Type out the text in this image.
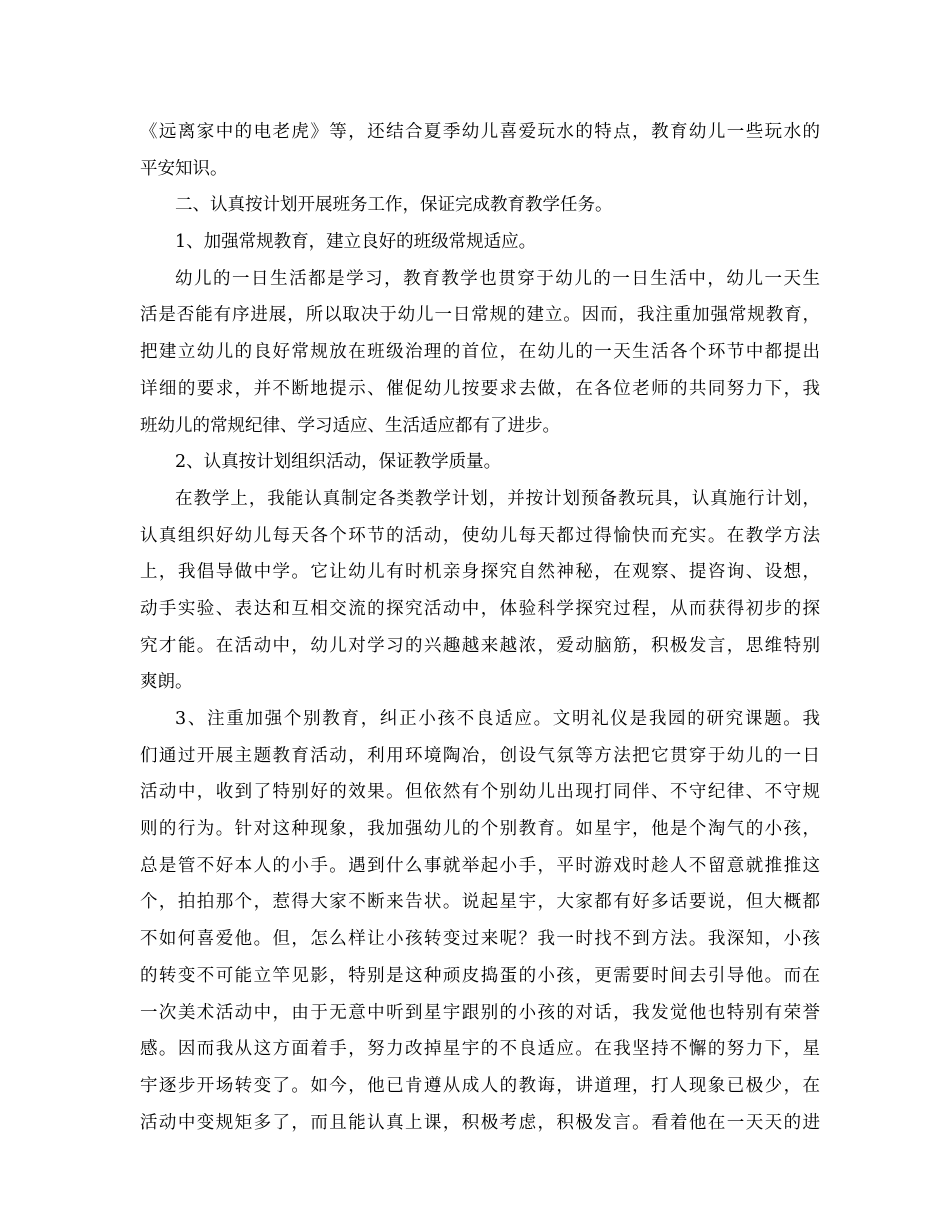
《远离家中的电老虎》等，还结合夏季幼儿喜爱玩水的特点，教育幼儿一些玩水的
平安知识。
二、认真按计划开展班务工作，保证完成教育教学任务。
1、加强常规教育，建立良好的班级常规适应。
幼儿的一日生活都是学习，教育教学也贯穿于幼儿的一日生活中，幼儿一天生
活是否能有序进展，所以取决于幼儿一日常规的建立。因而，我注重加强常规教育，
把建立幼儿的良好常规放在班级治理的首位，在幼儿的一天生活各个环节中都提出
详细的要求，并不断地提示、催促幼儿按要求去做，在各位老师的共同努力下，我
班幼儿的常规纪律、学习适应、生活适应都有了进步。
2、认真按计划组织活动，保证教学质量。
在教学上，我能认真制定各类教学计划，并按计划预备教玩具，认真施行计划，
认真组织好幼儿每天各个环节的活动，使幼儿每天都过得愉快而充实。在教学方法
上，我倡导做中学。它让幼儿有时机亲身探究自然神秘，在观察、提咨询、设想，
动手实验、表达和互相交流的探究活动中，体验科学探究过程，从而获得初步的探
究才能。在活动中，幼儿对学习的兴趣越来越浓，爱动脑筋，积极发言，思维特别
爽朗。
3、注重加强个别教育，纠正小孩不良适应。文明礼仪是我园的研究课题。我
们通过开展主题教育活动，利用环境陶冶，创设气氛等方法把它贯穿于幼儿的一日
活动中，收到了特别好的效果。但依然有个别幼儿出现打同伴、不守纪律、不守规
则的行为。针对这种现象，我加强幼儿的个别教育。如星宇，他是个淘气的小孩，
总是管不好本人的小手。遇到什么事就举起小手，平时游戏时趁人不留意就推推这
个，拍拍那个，惹得大家不断来告状。说起星宇，大家都有好多话要说，但大概都
不如何喜爱他。但，怎么样让小孩转变过来呢？我一时找不到方法。我深知，小孩
的转变不可能立竿见影，特别是这种顽皮捣蛋的小孩，更需要时间去引导他。而在
一次美术活动中，由于无意中听到星宇跟别的小孩的对话，我发觉他也特别有荣誉
感。因而我从这方面着手，努力改掉星宇的不良适应。在我坚持不懈的努力下，星
宇逐步开场转变了。如今，他已肯遵从成人的教诲，讲道理，打人现象已极少，在
活动中变规矩多了，而且能认真上课，积极考虑，积极发言。看着他在一天天的进
